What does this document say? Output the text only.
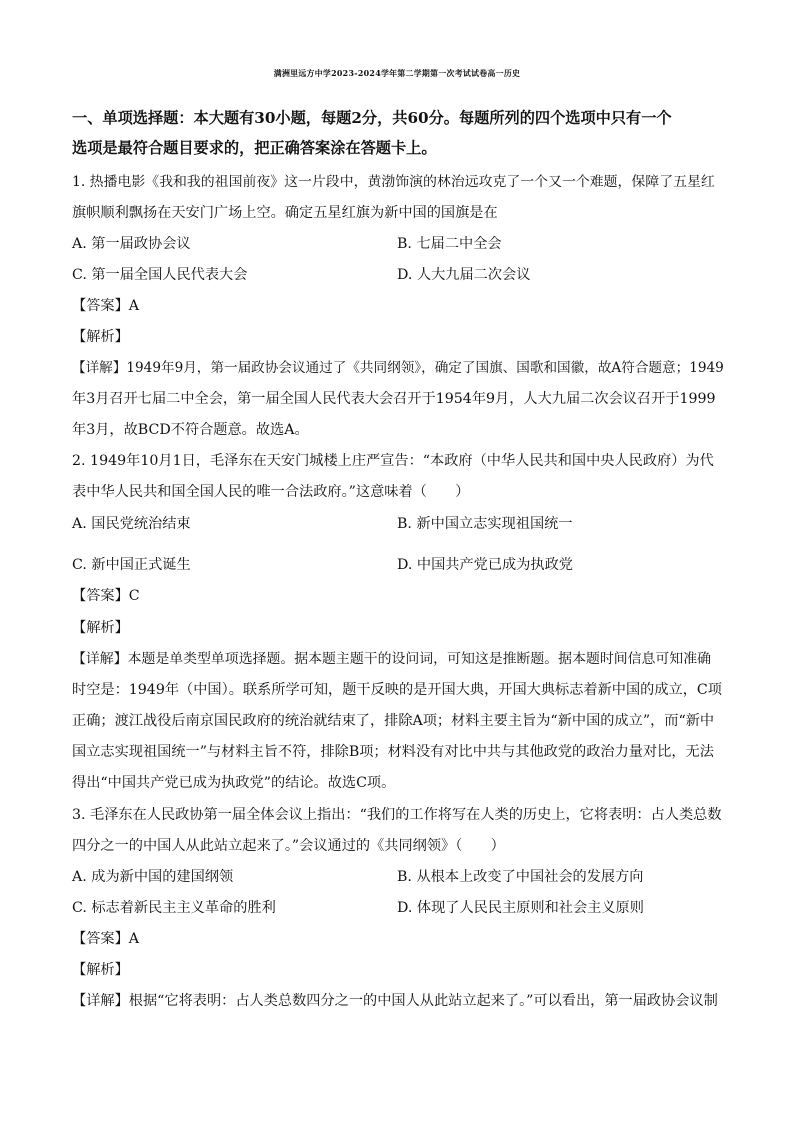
满洲里远方中学2023-2024学年第二学期第一次考试试卷高一历史
一、单项选择题：本大题有30小题，每题2分，共60分。每题所列的四个选项中只有一个
选项是最符合题目要求的，把正确答案涂在答题卡上。
1. 热播电影《我和我的祖国前夜》这一片段中，黄渤饰演的林治远攻克了一个又一个难题，保障了五星红
旗帜顺利飘扬在天安门广场上空。确定五星红旗为新中国的国旗是在
A. 第一届政协会议	B. 七届二中全会
C. 第一届全国人民代表大会	D. 人大九届二次会议
【答案】A
【解析】
【详解】1949年9月，第一届政协会议通过了《共同纲领》，确定了国旗、国歌和国徽，故A符合题意；1949
年3月召开七届二中全会，第一届全国人民代表大会召开于1954年9月，人大九届二次会议召开于1999
年3月，故BCD不符合题意。故选A。
2. 1949年10月1日，毛泽东在天安门城楼上庄严宣告：“本政府（中华人民共和国中央人民政府）为代
表中华人民共和国全国人民的唯一合法政府。”这意味着（　　）
A. 国民党统治结束	B. 新中国立志实现祖国统一
C. 新中国正式诞生	D. 中国共产党已成为执政党
【答案】C
【解析】
【详解】本题是单类型单项选择题。据本题主题干的设问词，可知这是推断题。据本题时间信息可知准确
时空是：1949年（中国）。联系所学可知，题干反映的是开国大典，开国大典标志着新中国的成立，C项
正确；渡江战役后南京国民政府的统治就结束了，排除A项；材料主要主旨为“新中国的成立”，而“新中
国立志实现祖国统一”与材料主旨不符，排除B项；材料没有对比中共与其他政党的政治力量对比，无法
得出“中国共产党已成为执政党”的结论。故选C项。
3. 毛泽东在人民政协第一届全体会议上指出：“我们的工作将写在人类的历史上，它将表明：占人类总数
四分之一的中国人从此站立起来了。”会议通过的《共同纲领》（　　）
A. 成为新中国的建国纲领	B. 从根本上改变了中国社会的发展方向
C. 标志着新民主主义革命的胜利	D. 体现了人民民主原则和社会主义原则
【答案】A
【解析】
【详解】根据“它将表明：占人类总数四分之一的中国人从此站立起来了。”可以看出，第一届政协会议制
